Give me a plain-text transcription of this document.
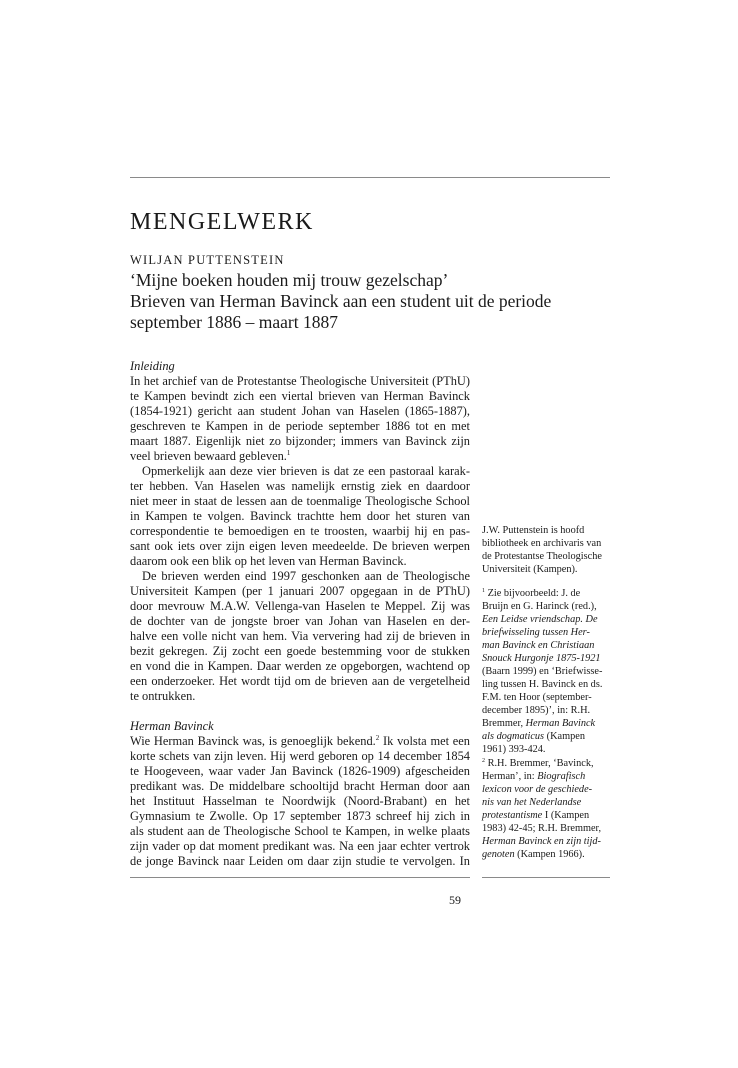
MENGELWERK
WILJAN PUTTENSTEIN
‘Mijne boeken houden mij trouw gezelschap’
Brieven van Herman Bavinck aan een student uit de periode
september 1886 – maart 1887
Inleiding
In het archief van de Protestantse Theologische Universiteit (PThU)
te Kampen bevindt zich een viertal brieven van Herman Bavinck
(1854-1921) gericht aan student Johan van Haselen (1865-1887),
geschreven te Kampen in de periode september 1886 tot en met
maart 1887. Eigenlijk niet zo bijzonder; immers van Bavinck zijn
veel brieven bewaard gebleven.$^1$
Opmerkelijk aan deze vier brieven is dat ze een pastoraal karak-
ter hebben. Van Haselen was namelijk ernstig ziek en daardoor
niet meer in staat de lessen aan de toenmalige Theologische School
in Kampen te volgen. Bavinck trachtte hem door het sturen van
correspondentie te bemoedigen en te troosten, waarbij hij en pas-
sant ook iets over zijn eigen leven meedeelde. De brieven werpen
daarom ook een blik op het leven van Herman Bavinck.
De brieven werden eind 1997 geschonken aan de Theologische
Universiteit Kampen (per 1 januari 2007 opgegaan in de PThU)
door mevrouw M.A.W. Vellenga-van Haselen te Meppel. Zij was
de dochter van de jongste broer van Johan van Haselen en der-
halve een volle nicht van hem. Via ververing had zij de brieven in
bezit gekregen. Zij zocht een goede bestemming voor de stukken
en vond die in Kampen. Daar werden ze opgeborgen, wachtend op
een onderzoeker. Het wordt tijd om de brieven aan de vergetelheid
te ontrukken.
Herman Bavinck
Wie Herman Bavinck was, is genoeglijk bekend.$^2$ Ik volsta met een
korte schets van zijn leven. Hij werd geboren op 14 december 1854
te Hoogeveen, waar vader Jan Bavinck (1826-1909) afgescheiden
predikant was. De middelbare schooltijd bracht Herman door aan
het Instituut Hasselman te Noordwijk (Noord-Brabant) en het
Gymnasium te Zwolle. Op 17 september 1873 schreef hij zich in
als student aan de Theologische School te Kampen, in welke plaats
zijn vader op dat moment predikant was. Na een jaar echter vertrok
de jonge Bavinck naar Leiden om daar zijn studie te vervolgen. In
J.W. Puttenstein is hoofd
bibliotheek en archivaris van
de Protestantse Theologische
Universiteit (Kampen).
$^1$ Zie bijvoorbeeld: J. de
Bruijn en G. Harinck (red.),
Een Leidse vriendschap. De
briefwisseling tussen Her-
man Bavinck en Christiaan
Snouck Hurgonje 1875-1921
(Baarn 1999) en ‘Briefwisse-
ling tussen H. Bavinck en ds.
F.M. ten Hoor (september-
december 1895)’, in: R.H.
Bremmer, Herman Bavinck
als dogmaticus (Kampen
1961) 393-424.
$^2$ R.H. Bremmer, ‘Bavinck,
Herman’, in: Biografisch
lexicon voor de geschiede-
nis van het Nederlandse
protestantisme I (Kampen
1983) 42-45; R.H. Bremmer,
Herman Bavinck en zijn tijd-
genoten (Kampen 1966).
59
